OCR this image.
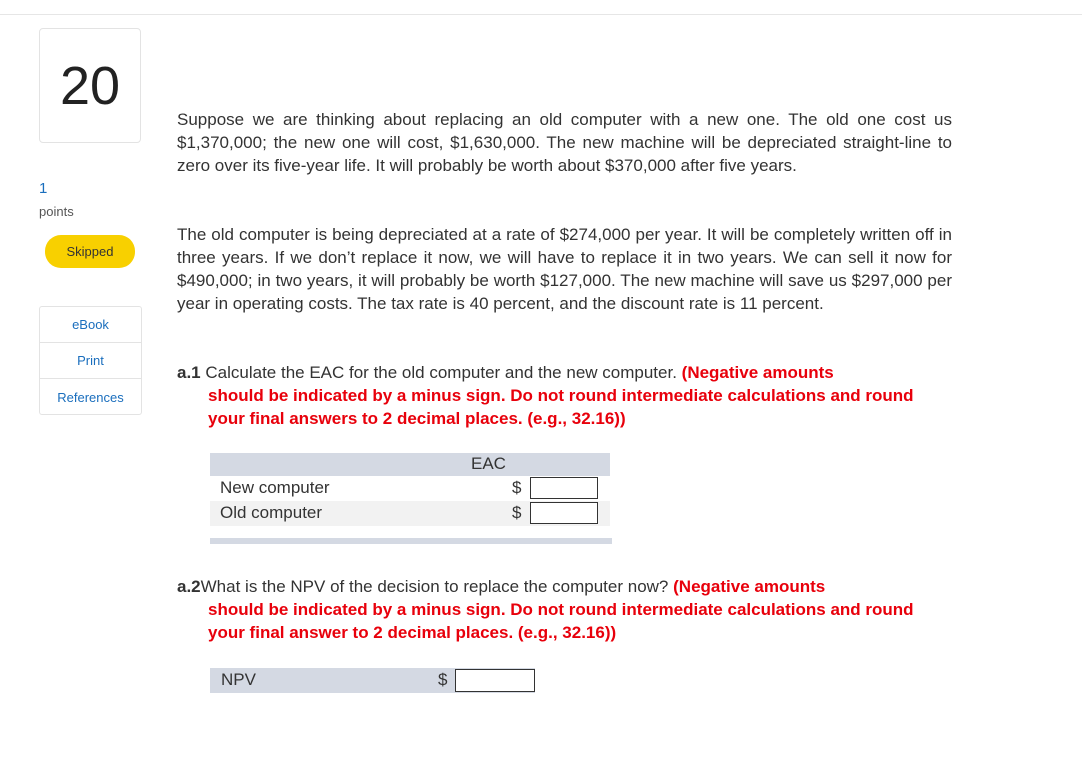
20
1
points
Skipped
eBook
Print
References

Suppose we are thinking about replacing an old computer with a new one. The old one cost us $1,370,000; the new one will cost, $1,630,000. The new machine will be depreciated straight-line to zero over its five-year life. It will probably be worth about $370,000 after five years.

The old computer is being depreciated at a rate of $274,000 per year. It will be completely written off in three years. If we don’t replace it now, we will have to replace it in two years. We can sell it now for $490,000; in two years, it will probably be worth $127,000. The new machine will save us $297,000 per year in operating costs. The tax rate is 40 percent, and the discount rate is 11 percent.

a.1 Calculate the EAC for the old computer and the new computer. (Negative amounts
should be indicated by a minus sign. Do not round intermediate calculations and round your final answers to 2 decimal places. (e.g., 32.16))
EAC
New computer	$
Old computer	$
a.2What is the NPV of the decision to replace the computer now? (Negative amounts
should be indicated by a minus sign. Do not round intermediate calculations and round your final answer to 2 decimal places. (e.g., 32.16))
NPV	$
